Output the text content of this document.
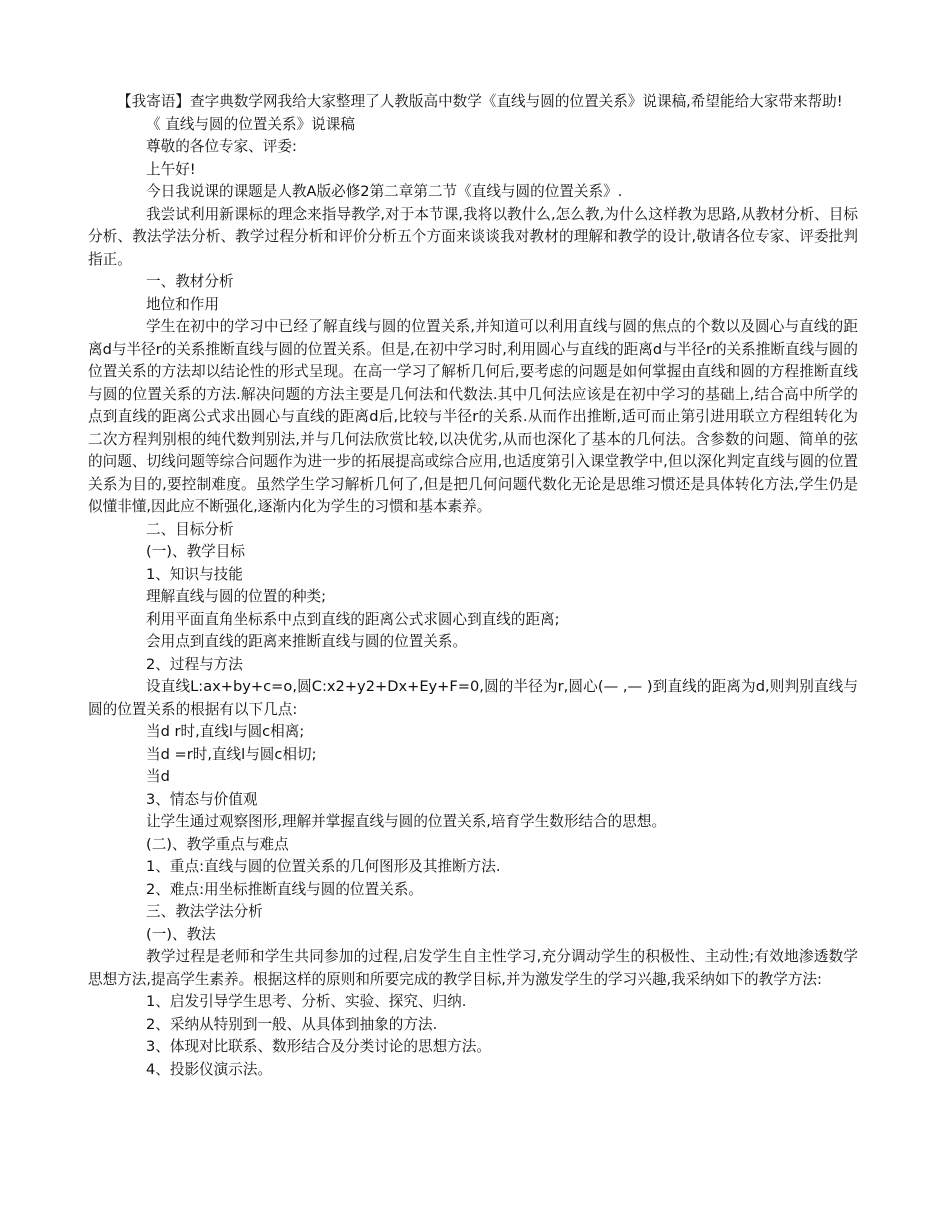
【我寄语】查字典数学网我给大家整理了人教版高中数学《直线与圆的位置关系》说课稿,希望能给大家带来帮助!

《 直线与圆的位置关系》说课稿

尊敬的各位专家、评委:

上午好!

今日我说课的课题是人教A版必修2第二章第二节《直线与圆的位置关系》.

我尝试利用新课标的理念来指导教学,对于本节课,我将以教什么,怎么教,为什么这样教为思路,从教材分析、目标分析、教法学法分析、教学过程分析和评价分析五个方面来谈谈我对教材的理解和教学的设计,敬请各位专家、评委批判指正。

一、教材分析

地位和作用

学生在初中的学习中已经了解直线与圆的位置关系,并知道可以利用直线与圆的焦点的个数以及圆心与直线的距离d与半径r的关系推断直线与圆的位置关系。但是,在初中学习时,利用圆心与直线的距离d与半径r的关系推断直线与圆的位置关系的方法却以结论性的形式呈现。在高一学习了解析几何后,要考虑的问题是如何掌握由直线和圆的方程推断直线与圆的位置关系的方法.解决问题的方法主要是几何法和代数法.其中几何法应该是在初中学习的基础上,结合高中所学的点到直线的距离公式求出圆心与直线的距离d后,比较与半径r的关系.从而作出推断,适可而止第引进用联立方程组转化为二次方程判别根的纯代数判别法,并与几何法欣赏比较,以决优劣,从而也深化了基本的几何法。含参数的问题、简单的弦的问题、切线问题等综合问题作为进一步的拓展提高或综合应用,也适度第引入课堂教学中,但以深化判定直线与圆的位置关系为目的,要控制难度。虽然学生学习解析几何了,但是把几何问题代数化无论是思维习惯还是具体转化方法,学生仍是似懂非懂,因此应不断强化,逐渐内化为学生的习惯和基本素养。

二、目标分析

(一)、教学目标

1、知识与技能

理解直线与圆的位置的种类;

利用平面直角坐标系中点到直线的距离公式求圆心到直线的距离;

会用点到直线的距离来推断直线与圆的位置关系。

2、过程与方法

设直线L:ax+by+c=o,圆C:x2+y2+Dx+Ey+F=0,圆的半径为r,圆心(— ,— )到直线的距离为d,则判别直线与圆的位置关系的根据有以下几点:

当d r时,直线l与圆c相离;

当d =r时,直线l与圆c相切;

当d

3、情态与价值观

让学生通过观察图形,理解并掌握直线与圆的位置关系,培育学生数形结合的思想。

(二)、教学重点与难点

1、重点:直线与圆的位置关系的几何图形及其推断方法.

2、难点:用坐标推断直线与圆的位置关系。

三、教法学法分析

(一)、教法

教学过程是老师和学生共同参加的过程,启发学生自主性学习,充分调动学生的积极性、主动性;有效地渗透数学思想方法,提高学生素养。根据这样的原则和所要完成的教学目标,并为激发学生的学习兴趣,我采纳如下的教学方法:

1、启发引导学生思考、分析、实验、探究、归纳.

2、采纳从特别到一般、从具体到抽象的方法.

3、体现对比联系、数形结合及分类讨论的思想方法。

4、投影仪演示法。
